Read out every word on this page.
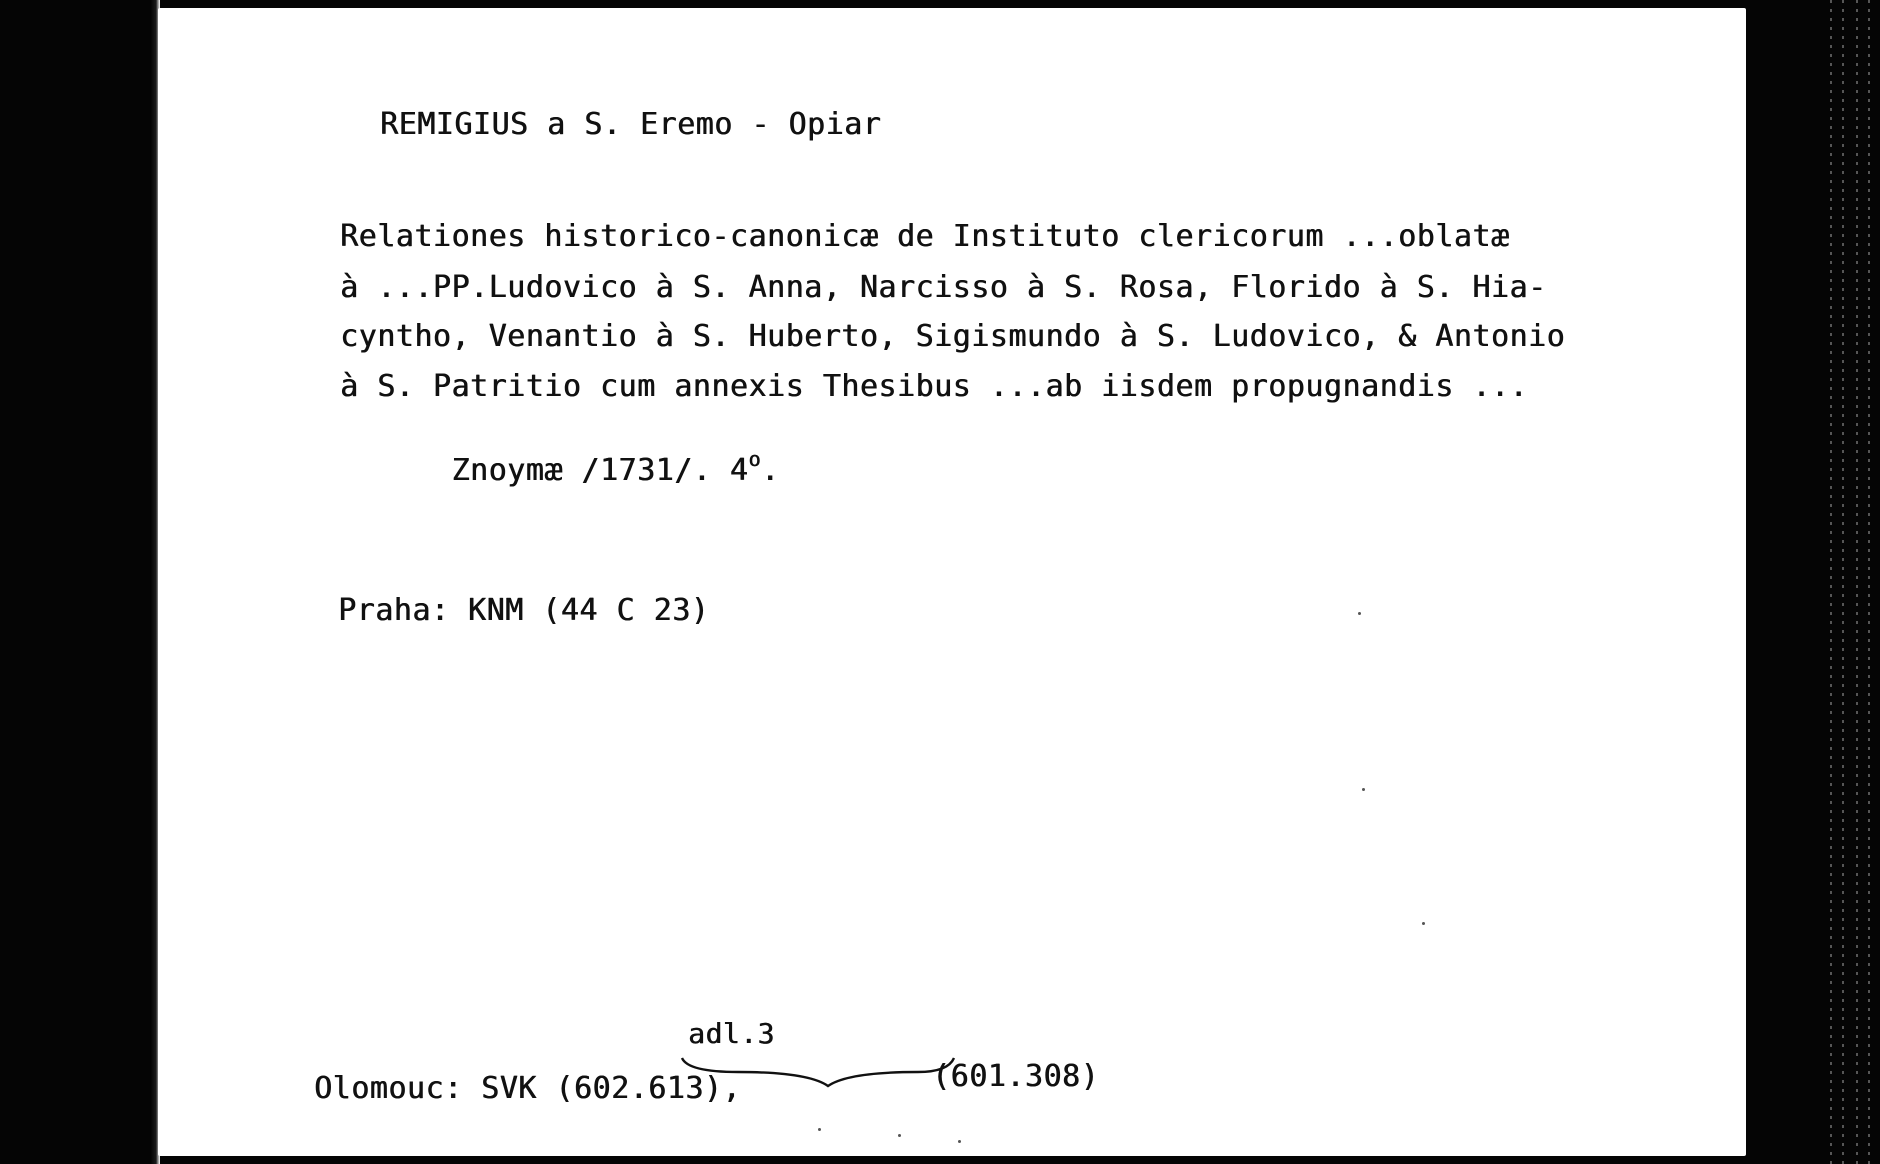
REMIGIUS a S. Eremo - Opiar
Relationes historico-canonicæ de Instituto clericorum ...oblatæ
à ...PP.Ludovico à S. Anna, Narcisso à S. Rosa, Florido à S. Hia-
cyntho, Venantio à S. Huberto, Sigismundo à S. Ludovico, & Antonio
à S. Patritio cum annexis Thesibus ...ab iisdem propugnandis ...

Znoymæ /1731/. 4$^o$.

Praha: KNM (44 C 23)
adl.3
Olomouc: SVK (602.613),	(601.308)
